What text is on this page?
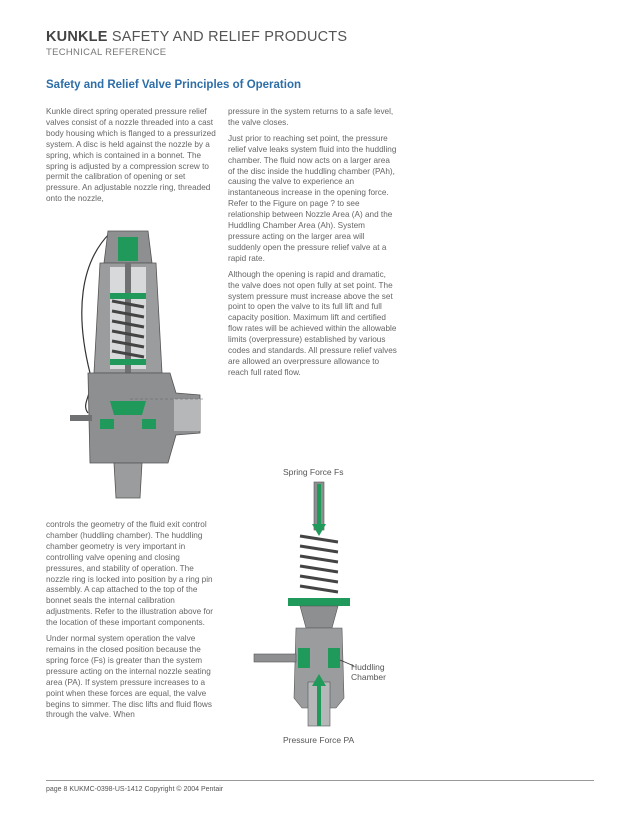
KUNKLE SAFETY AND RELIEF PRODUCTS
TECHNICAL REFERENCE
Safety and Relief Valve Principles of Operation

Kunkle direct spring operated pressure relief valves consist of a nozzle threaded into a cast body housing which is flanged to a pressurized system. A disc is held against the nozzle by a spring, which is contained in a bonnet. The spring is adjusted by a compression screw to permit the calibration of opening or set pressure. An adjustable nozzle ring, threaded onto the nozzle,

pressure in the system returns to a safe level, the valve closes.

Just prior to reaching set point, the pressure relief valve leaks system fluid into the huddling chamber. The fluid now acts on a larger area of the disc inside the huddling chamber (PAh), causing the valve to experience an instantaneous increase in the opening force. Refer to the Figure on page ? to see relationship between Nozzle Area (A) and the Huddling Chamber Area (Ah). System pressure acting on the larger area will suddenly open the pressure relief valve at a rapid rate.

Although the opening is rapid and dramatic, the valve does not open fully at set point. The system pressure must increase above the set point to open the valve to its full lift and full capacity position. Maximum lift and certified flow rates will be achieved within the allowable limits (overpressure) established by various codes and standards. All pressure relief valves are allowed an overpressure allowance to reach full rated flow.

controls the geometry of the fluid exit control chamber (huddling chamber). The huddling chamber geometry is very important in controlling valve opening and closing pressures, and stability of operation. The nozzle ring is locked into position by a ring pin assembly. A cap attached to the top of the bonnet seals the internal calibration adjustments. Refer to the illustration above for the location of these important components.

Under normal system operation the valve remains in the closed position because the spring force (Fs) is greater than the system pressure acting on the internal nozzle seating area (PA). If system pressure increases to a point when these forces are equal, the valve begins to simmer. The disc lifts and fluid flows through the valve. When

Spring Force Fs
Huddling
Chamber
Pressure Force PA
page 8 KUKMC-0398-US-1412 Copyright © 2004 Pentair
